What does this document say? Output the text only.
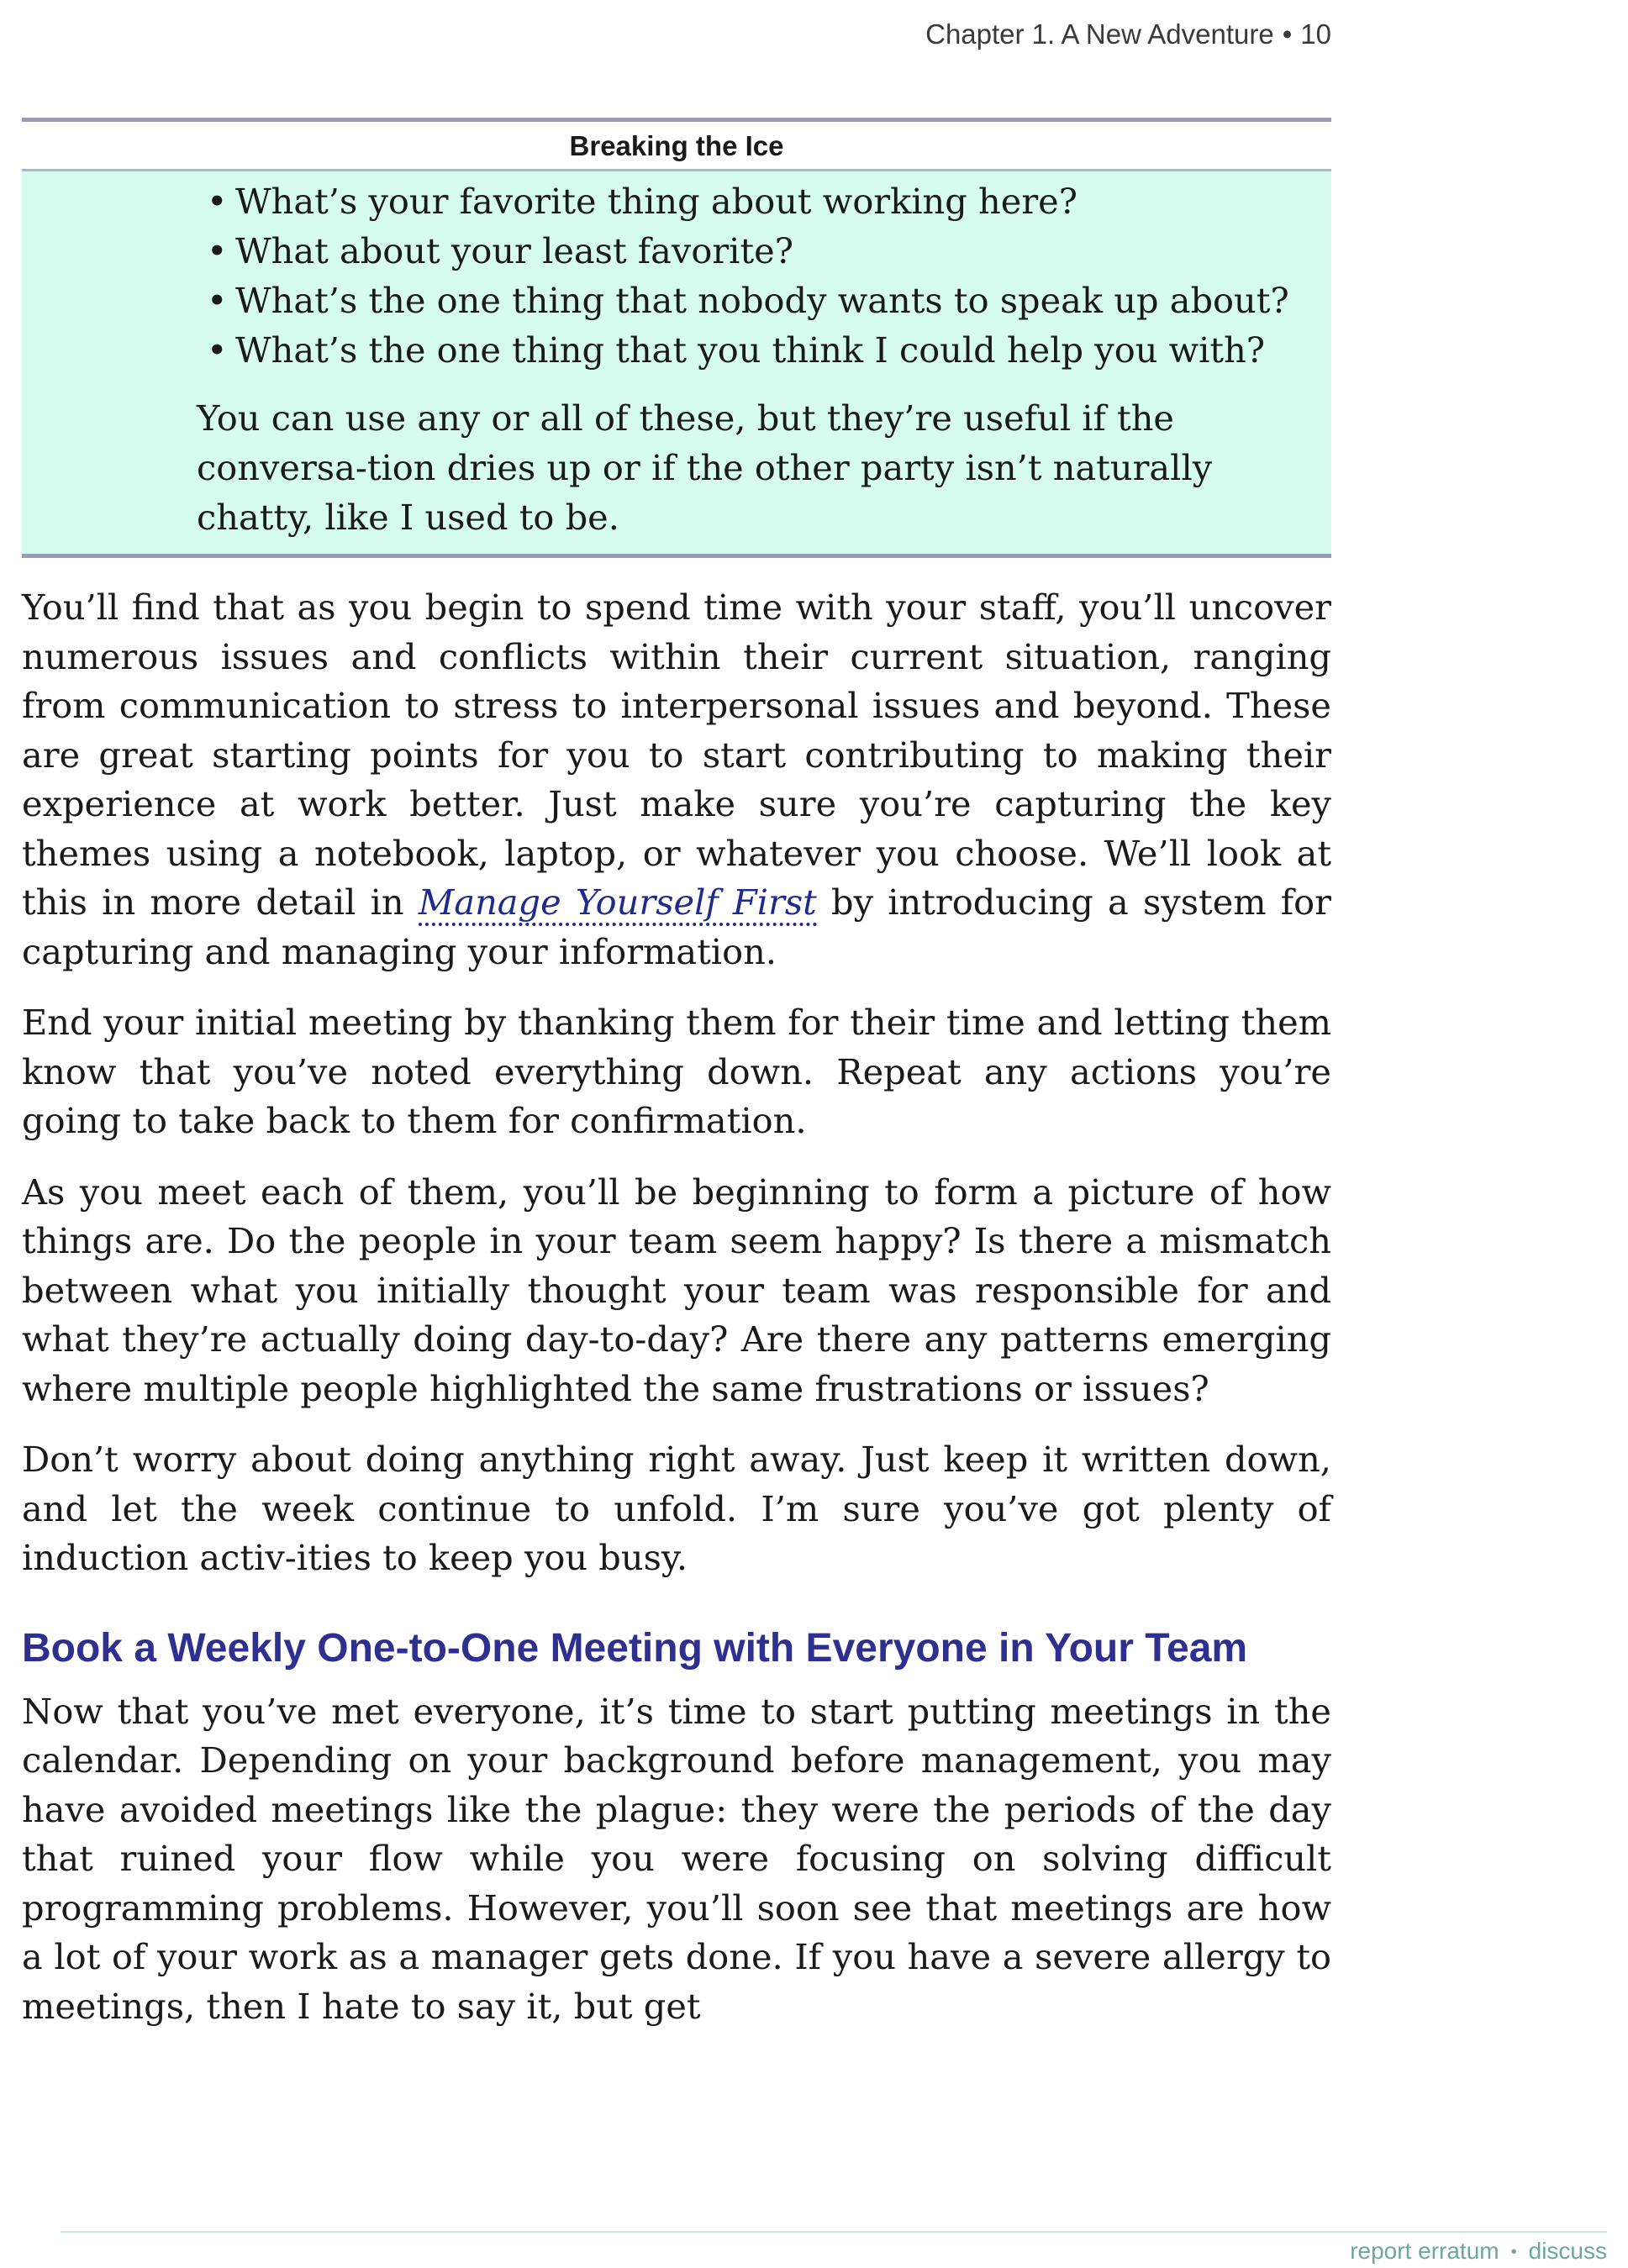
Chapter 1. A New Adventure • 10
Breaking the Ice
• What’s your favorite thing about working here?
• What about your least favorite?
• What’s the one thing that nobody wants to speak up about?
• What’s the one thing that you think I could help you with?

You can use any or all of these, but they’re useful if the conversa-tion dries up or if the other party isn’t naturally chatty, like I used to be.

You’ll find that as you begin to spend time with your staff, you’ll uncover numerous issues and conflicts within their current situation, ranging from communication to stress to interpersonal issues and beyond. These are great starting points for you to start contributing to making their experience at work better. Just make sure you’re capturing the key themes using a notebook, laptop, or whatever you choose. We’ll look at this in more detail in Manage Yourself First by introducing a system for capturing and managing your information.

End your initial meeting by thanking them for their time and letting them know that you’ve noted everything down. Repeat any actions you’re going to take back to them for confirmation.

As you meet each of them, you’ll be beginning to form a picture of how things are. Do the people in your team seem happy? Is there a mismatch between what you initially thought your team was responsible for and what they’re actually doing day-to-day? Are there any patterns emerging where multiple people highlighted the same frustrations or issues?

Don’t worry about doing anything right away. Just keep it written down, and let the week continue to unfold. I’m sure you’ve got plenty of induction activ-ities to keep you busy.

Book a Weekly One-to-One Meeting with Everyone in Your Team

Now that you’ve met everyone, it’s time to start putting meetings in the calendar. Depending on your background before management, you may have avoided meetings like the plague: they were the periods of the day that ruined your flow while you were focusing on solving difficult programming problems. However, you’ll soon see that meetings are how a lot of your work as a manager gets done. If you have a severe allergy to meetings, then I hate to say it, but get

report erratum • discuss
